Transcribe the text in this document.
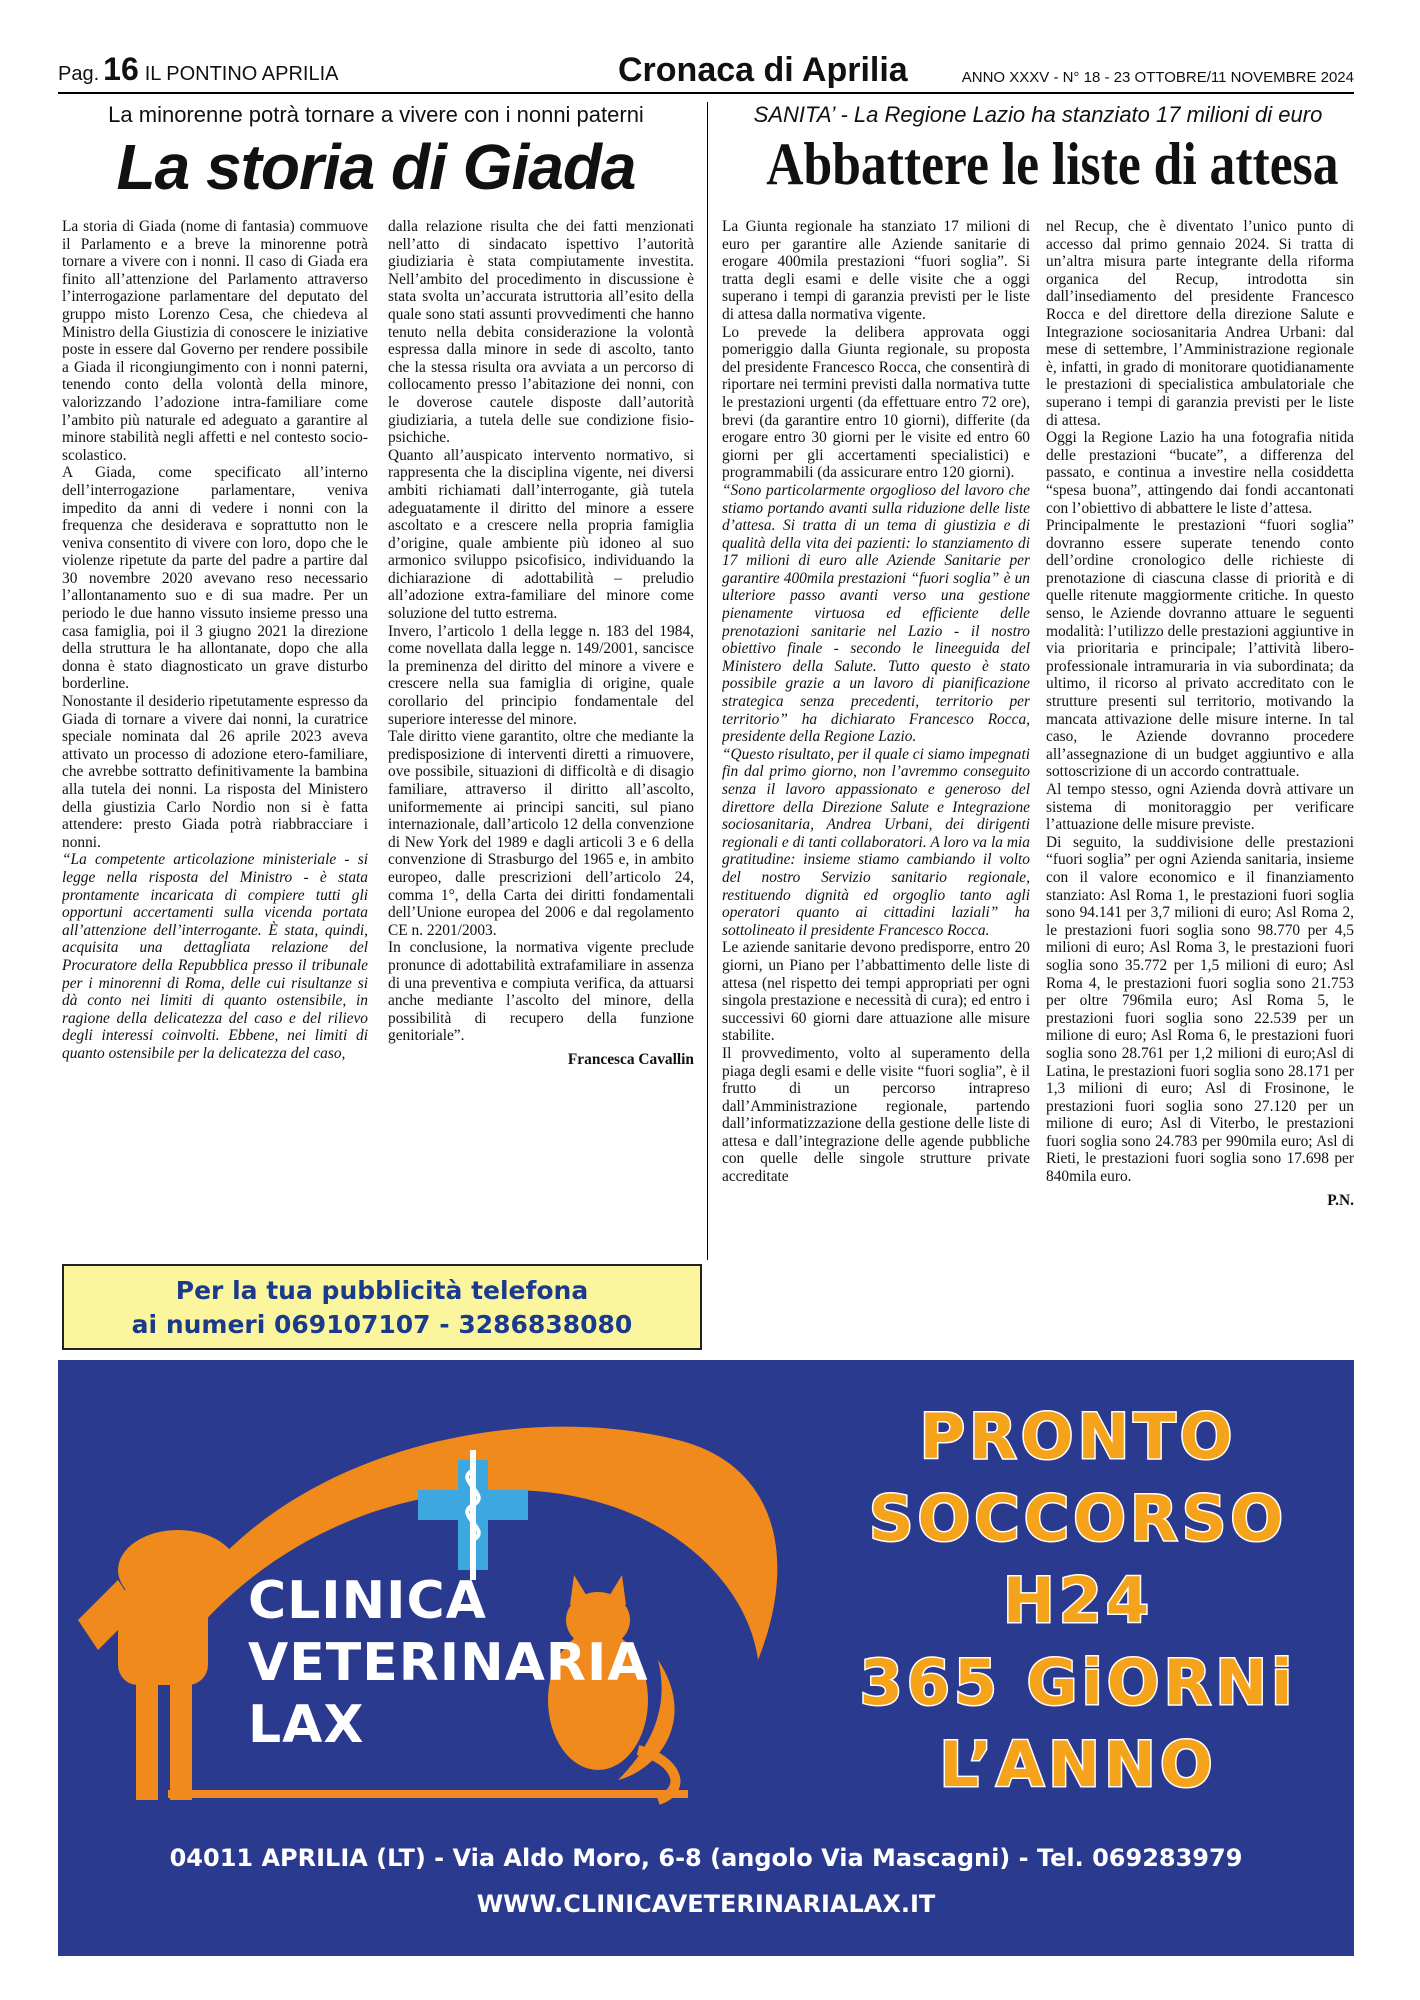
Pag. 16 IL PONTINO APRILIA	Cronaca di Aprilia	ANNO XXXV - N° 18 - 23 OTTOBRE/11 NOVEMBRE 2024
La minorenne potrà tornare a vivere con i nonni paterni
La storia di Giada

La storia di Giada (nome di fantasia) commuove il Parlamento e a breve la minorenne potrà tornare a vivere con i nonni. Il caso di Giada era finito all’attenzione del Parlamento attraverso l’interrogazione parlamentare del deputato del gruppo misto Lorenzo Cesa, che chiedeva al Ministro della Giustizia di conoscere le iniziative poste in essere dal Governo per rendere possibile a Giada il ricongiungimento con i nonni paterni, tenendo conto della volontà della minore, valorizzando l’adozione intra-familiare come l’ambito più naturale ed adeguato a garantire al minore stabilità negli affetti e nel contesto socio-scolastico.

A Giada, come specificato all’interno dell’interrogazione parlamentare, veniva impedito da anni di vedere i nonni con la frequenza che desiderava e soprattutto non le veniva consentito di vivere con loro, dopo che le violenze ripetute da parte del padre a partire dal 30 novembre 2020 avevano reso necessario l’allontanamento suo e di sua madre. Per un periodo le due hanno vissuto insieme presso una casa famiglia, poi il 3 giugno 2021 la direzione della struttura le ha allontanate, dopo che alla donna è stato diagnosticato un grave disturbo borderline.

Nonostante il desiderio ripetutamente espresso da Giada di tornare a vivere dai nonni, la curatrice speciale nominata dal 26 aprile 2023 aveva attivato un processo di adozione etero-familiare, che avrebbe sottratto definitivamente la bambina alla tutela dei nonni. La risposta del Ministero della giustizia Carlo Nordio non si è fatta attendere: presto Giada potrà riabbracciare i nonni.

“La competente articolazione ministeriale - si legge nella risposta del Ministro - è stata prontamente incaricata di compiere tutti gli opportuni accertamenti sulla vicenda portata all’attenzione dell’interrogante. È stata, quindi, acquisita una dettagliata relazione del Procuratore della Repubblica presso il tribunale per i minorenni di Roma, delle cui risultanze si dà conto nei limiti di quanto ostensibile, in ragione della delicatezza del caso e del rilievo degli interessi coinvolti. Ebbene, nei limiti di quanto ostensibile per la delicatezza del caso,

dalla relazione risulta che dei fatti menzionati nell’atto di sindacato ispettivo l’autorità giudiziaria è stata compiutamente investita. Nell’ambito del procedimento in discussione è stata svolta un’accurata istruttoria all’esito della quale sono stati assunti provvedimenti che hanno tenuto nella debita considerazione la volontà espressa dalla minore in sede di ascolto, tanto che la stessa risulta ora avviata a un percorso di collocamento presso l’abitazione dei nonni, con le doverose cautele disposte dall’autorità giudiziaria, a tutela delle sue condizione fisio-psichiche.

Quanto all’auspicato intervento normativo, si rappresenta che la disciplina vigente, nei diversi ambiti richiamati dall’interrogante, già tutela adeguatamente il diritto del minore a essere ascoltato e a crescere nella propria famiglia d’origine, quale ambiente più idoneo al suo armonico sviluppo psicofisico, individuando la dichiarazione di adottabilità – preludio all’adozione extra-familiare del minore come soluzione del tutto estrema.

Invero, l’articolo 1 della legge n. 183 del 1984, come novellata dalla legge n. 149/2001, sancisce la preminenza del diritto del minore a vivere e crescere nella sua famiglia di origine, quale corollario del principio fondamentale del superiore interesse del minore.

Tale diritto viene garantito, oltre che mediante la predisposizione di interventi diretti a rimuovere, ove possibile, situazioni di difficoltà e di disagio familiare, attraverso il diritto all’ascolto, uniformemente ai principi sanciti, sul piano internazionale, dall’articolo 12 della convenzione di New York del 1989 e dagli articoli 3 e 6 della convenzione di Strasburgo del 1965 e, in ambito europeo, dalle prescrizioni dell’articolo 24, comma 1°, della Carta dei diritti fondamentali dell’Unione europea del 2006 e dal regolamento CE n. 2201/2003.

In conclusione, la normativa vigente preclude pronunce di adottabilità extrafamiliare in assenza di una preventiva e compiuta verifica, da attuarsi anche mediante l’ascolto del minore, della possibilità di recupero della funzione genitoriale”.

Francesca Cavallin

SANITA’ - La Regione Lazio ha stanziato 17 milioni di euro
Abbattere le liste di attesa

La Giunta regionale ha stanziato 17 milioni di euro per garantire alle Aziende sanitarie di erogare 400mila prestazioni “fuori soglia”. Si tratta degli esami e delle visite che a oggi superano i tempi di garanzia previsti per le liste di attesa dalla normativa vigente.

Lo prevede la delibera approvata oggi pomeriggio dalla Giunta regionale, su proposta del presidente Francesco Rocca, che consentirà di riportare nei termini previsti dalla normativa tutte le prestazioni urgenti (da effettuare entro 72 ore), brevi (da garantire entro 10 giorni), differite (da erogare entro 30 giorni per le visite ed entro 60 giorni per gli accertamenti specialistici) e programmabili (da assicurare entro 120 giorni).

“Sono particolarmente orgoglioso del lavoro che stiamo portando avanti sulla riduzione delle liste d’attesa. Si tratta di un tema di giustizia e di qualità della vita dei pazienti: lo stanziamento di 17 milioni di euro alle Aziende Sanitarie per garantire 400mila prestazioni “fuori soglia” è un ulteriore passo avanti verso una gestione pienamente virtuosa ed efficiente delle prenotazioni sanitarie nel Lazio - il nostro obiettivo finale - secondo le lineeguida del Ministero della Salute. Tutto questo è stato possibile grazie a un lavoro di pianificazione strategica senza precedenti, territorio per territorio” ha dichiarato Francesco Rocca, presidente della Regione Lazio.

“Questo risultato, per il quale ci siamo impegnati fin dal primo giorno, non l’avremmo conseguito senza il lavoro appassionato e generoso del direttore della Direzione Salute e Integrazione sociosanitaria, Andrea Urbani, dei dirigenti regionali e di tanti collaboratori. A loro va la mia gratitudine: insieme stiamo cambiando il volto del nostro Servizio sanitario regionale, restituendo dignità ed orgoglio tanto agli operatori quanto ai cittadini laziali” ha sottolineato il presidente Francesco Rocca.

Le aziende sanitarie devono predisporre, entro 20 giorni, un Piano per l’abbattimento delle liste di attesa (nel rispetto dei tempi appropriati per ogni singola prestazione e necessità di cura); ed entro i successivi 60 giorni dare attuazione alle misure stabilite.

Il provvedimento, volto al superamento della piaga degli esami e delle visite “fuori soglia”, è il frutto di un percorso intrapreso dall’Amministrazione regionale, partendo dall’informatizzazione della gestione delle liste di attesa e dall’integrazione delle agende pubbliche con quelle delle singole strutture private accreditate

nel Recup, che è diventato l’unico punto di accesso dal primo gennaio 2024. Si tratta di un’altra misura parte integrante della riforma organica del Recup, introdotta sin dall’insediamento del presidente Francesco Rocca e del direttore della direzione Salute e Integrazione sociosanitaria Andrea Urbani: dal mese di settembre, l’Amministrazione regionale è, infatti, in grado di monitorare quotidianamente le prestazioni di specialistica ambulatoriale che superano i tempi di garanzia previsti per le liste di attesa.

Oggi la Regione Lazio ha una fotografia nitida delle prestazioni “bucate”, a differenza del passato, e continua a investire nella cosiddetta “spesa buona”, attingendo dai fondi accantonati con l’obiettivo di abbattere le liste d’attesa.

Principalmente le prestazioni “fuori soglia” dovranno essere superate tenendo conto dell’ordine cronologico delle richieste di prenotazione di ciascuna classe di priorità e di quelle ritenute maggiormente critiche. In questo senso, le Aziende dovranno attuare le seguenti modalità: l’utilizzo delle prestazioni aggiuntive in via prioritaria e principale; l’attività libero-professionale intramuraria in via subordinata; da ultimo, il ricorso al privato accreditato con le strutture presenti sul territorio, motivando la mancata attivazione delle misure interne. In tal caso, le Aziende dovranno procedere all’assegnazione di un budget aggiuntivo e alla sottoscrizione di un accordo contrattuale.

Al tempo stesso, ogni Azienda dovrà attivare un sistema di monitoraggio per verificare l’attuazione delle misure previste.

Di seguito, la suddivisione delle prestazioni “fuori soglia” per ogni Azienda sanitaria, insieme con il valore economico e il finanziamento stanziato: Asl Roma 1, le prestazioni fuori soglia sono 94.141 per 3,7 milioni di euro; Asl Roma 2, le prestazioni fuori soglia sono 98.770 per 4,5 milioni di euro; Asl Roma 3, le prestazioni fuori soglia sono 35.772 per 1,5 milioni di euro; Asl Roma 4, le prestazioni fuori soglia sono 21.753 per oltre 796mila euro; Asl Roma 5, le prestazioni fuori soglia sono 22.539 per un milione di euro; Asl Roma 6, le prestazioni fuori soglia sono 28.761 per 1,2 milioni di euro;Asl di Latina, le prestazioni fuori soglia sono 28.171 per 1,3 milioni di euro; Asl di Frosinone, le prestazioni fuori soglia sono 27.120 per un milione di euro; Asl di Viterbo, le prestazioni fuori soglia sono 24.783 per 990mila euro; Asl di Rieti, le prestazioni fuori soglia sono 17.698 per 840mila euro.

P.N.

Per la tua pubblicità telefona
ai numeri 069107107 - 3286838080
PRONTO
SOCCORSO
H24
365 GiORNi
L’ANNO
CLINICA
VETERINARIA
LAX
04011 APRILIA (LT) - Via Aldo Moro, 6-8 (angolo Via Mascagni) - Tel. 069283979
WWW.CLINICAVETERINARIALAX.IT
